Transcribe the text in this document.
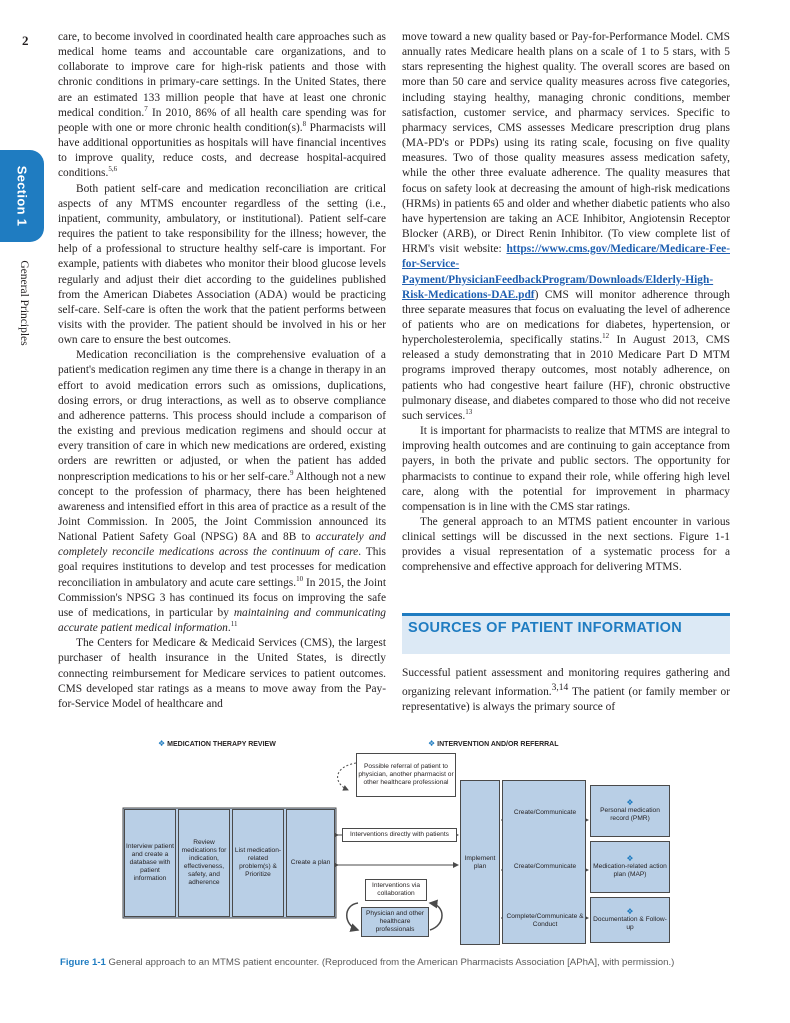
2
Section 1
General Principles

care, to become involved in coordinated health care approaches such as medical home teams and accountable care organizations, and to collaborate to improve care for high-risk patients and those with chronic conditions in primary-care settings. In the United States, there are an estimated 133 million people that have at least one chronic medical condition.$^7$ In 2010, 86% of all health care spending was for people with one or more chronic health condition(s).$^8$ Pharmacists will have additional opportunities as hospitals will have financial incentives to improve quality, reduce costs, and decrease hospital-acquired conditions.$^{5,6}$

Both patient self-care and medication reconciliation are critical aspects of any MTMS encounter regardless of the setting (i.e., inpatient, community, ambulatory, or institutional). Patient self-care requires the patient to take responsibility for the illness; however, the help of a professional to structure healthy self-care is important. For example, patients with diabetes who monitor their blood glucose levels regularly and adjust their diet according to the guidelines published from the American Diabetes Association (ADA) would be practicing self-care. Self-care is often the work that the patient performs between visits with the provider. The patient should be involved in his or her own care to ensure the best outcomes.

Medication reconciliation is the comprehensive evaluation of a patient's medication regimen any time there is a change in therapy in an effort to avoid medication errors such as omissions, duplications, dosing errors, or drug interactions, as well as to observe compliance and adherence patterns. This process should include a comparison of the existing and previous medication regimens and should occur at every transition of care in which new medications are ordered, existing orders are rewritten or adjusted, or when the patient has added nonprescription medications to his or her self-care.$^9$ Although not a new concept to the profession of pharmacy, there has been heightened awareness and intensified effort in this area of practice as a result of the Joint Commission. In 2005, the Joint Commission announced its National Patient Safety Goal (NPSG) 8A and 8B to accurately and completely reconcile medications across the continuum of care. This goal requires institutions to develop and test processes for medication reconciliation in ambulatory and acute care settings.$^{10}$ In 2015, the Joint Commission's NPSG 3 has continued its focus on improving the safe use of medications, in particular by maintaining and communicating accurate patient medical information.$^{11}$

The Centers for Medicare & Medicaid Services (CMS), the largest purchaser of health insurance in the United States, is directly connecting reimbursement for Medicare services to patient outcomes. CMS developed star ratings as a means to move away from the Pay-for-Service Model of healthcare and

move toward a new quality based or Pay-for-Performance Model. CMS annually rates Medicare health plans on a scale of 1 to 5 stars, with 5 stars representing the highest quality. The overall scores are based on more than 50 care and service quality measures across five categories, including staying healthy, managing chronic conditions, member satisfaction, customer service, and pharmacy services. Specific to pharmacy services, CMS assesses Medicare prescription drug plans (MA-PD's or PDPs) using its rating scale, focusing on five quality measures. Two of those quality measures assess medication safety, while the other three evaluate adherence. The quality measures that focus on safety look at decreasing the amount of high-risk medications (HRMs) in patients 65 and older and whether diabetic patients who also have hypertension are taking an ACE Inhibitor, Angiotensin Receptor Blocker (ARB), or Direct Renin Inhibitor. (To view complete list of HRM's visit website: https://www.cms.gov/Medicare/Medicare-Fee-for-Service-Payment/PhysicianFeedbackProgram/Downloads/Elderly-High-Risk-Medications-DAE.pdf) CMS will monitor adherence through three separate measures that focus on evaluating the level of adherence of patients who are on medications for diabetes, hypertension, or hypercholesterolemia, specifically statins.$^{12}$ In August 2013, CMS released a study demonstrating that in 2010 Medicare Part D MTM programs improved therapy outcomes, most notably adherence, on patients who had congestive heart failure (HF), chronic obstructive pulmonary disease, and diabetes compared to those who did not receive such services.$^{13}$

It is important for pharmacists to realize that MTMS are integral to improving health outcomes and are continuing to gain acceptance from payers, in both the private and public sectors. The opportunity for pharmacists to continue to expand their role, while offering high level care, along with the potential for improvement in pharmacy compensation is in line with the CMS star ratings.

The general approach to an MTMS patient encounter in various clinical settings will be discussed in the next sections. Figure 1-1 provides a visual representation of a systematic process for a comprehensive and effective approach for delivering MTMS.

SOURCES OF PATIENT INFORMATION
Successful patient assessment and monitoring requires gathering and organizing relevant information.$^{3,14}$ The patient (or family member or representative) is always the primary source of
❖ MEDICATION THERAPY REVIEW	❖ INTERVENTION AND/OR REFERRAL
Interview patient and create a database with patient information
Review medications for indication, effectiveness, safety, and adherence
List medication-related problem(s) & Prioritize
Create a plan
Possible referral of patient to physician, another pharmacist or other healthcare professional
Interventions directly with patients
Interventions via collaboration
Physician and other healthcare professionals
Implement plan
Create/Communicate
Create/Communicate
Complete/Communicate & Conduct
❖
Personal medication record (PMR)
❖
Medication-related action plan (MAP)
❖
Documentation & Follow-up
Figure 1-1 General approach to an MTMS patient encounter. (Reproduced from the American Pharmacists Association [APhA], with permission.)
